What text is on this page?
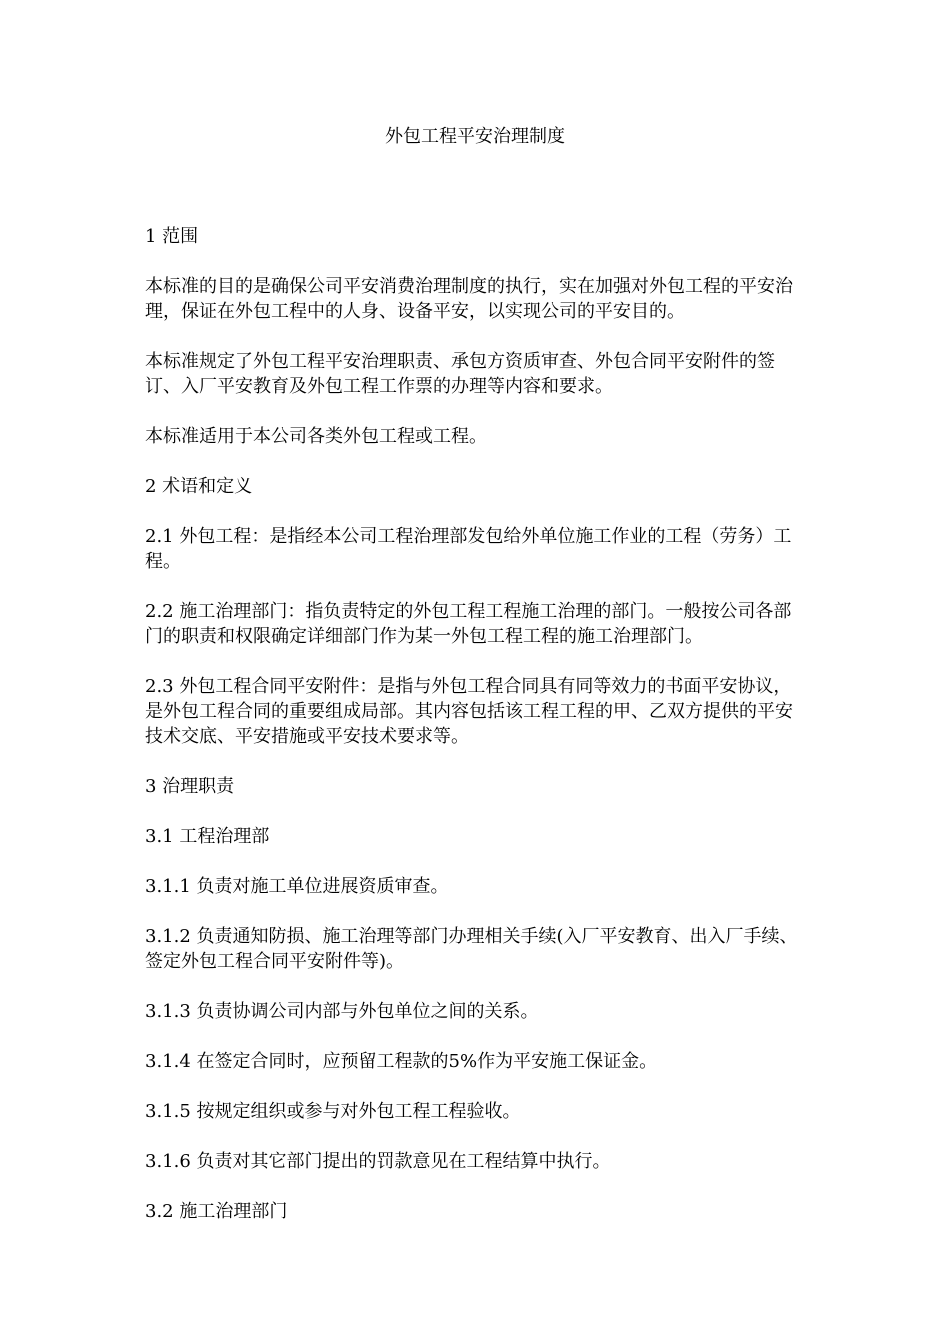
外包工程平安治理制度

1 范围

本标准的目的是确保公司平安消费治理制度的执行，实在加强对外包工程的平安治理，保证在外包工程中的人身、设备平安，以实现公司的平安目的。

本标准规定了外包工程平安治理职责、承包方资质审查、外包合同平安附件的签订、入厂平安教育及外包工程工作票的办理等内容和要求。

本标准适用于本公司各类外包工程或工程。

2 术语和定义

2.1 外包工程：是指经本公司工程治理部发包给外单位施工作业的工程（劳务）工程。

2.2 施工治理部门：指负责特定的外包工程工程施工治理的部门。一般按公司各部门的职责和权限确定详细部门作为某一外包工程工程的施工治理部门。

2.3 外包工程合同平安附件：是指与外包工程合同具有同等效力的书面平安协议，是外包工程合同的重要组成局部。其内容包括该工程工程的甲、乙双方提供的平安技术交底、平安措施或平安技术要求等。

3 治理职责

3.1 工程治理部

3.1.1 负责对施工单位进展资质审查。

3.1.2 负责通知防损、施工治理等部门办理相关手续(入厂平安教育、出入厂手续、签定外包工程合同平安附件等)。

3.1.3 负责协调公司内部与外包单位之间的关系。

3.1.4 在签定合同时，应预留工程款的5%作为平安施工保证金。

3.1.5 按规定组织或参与对外包工程工程验收。

3.1.6 负责对其它部门提出的罚款意见在工程结算中执行。

3.2 施工治理部门
